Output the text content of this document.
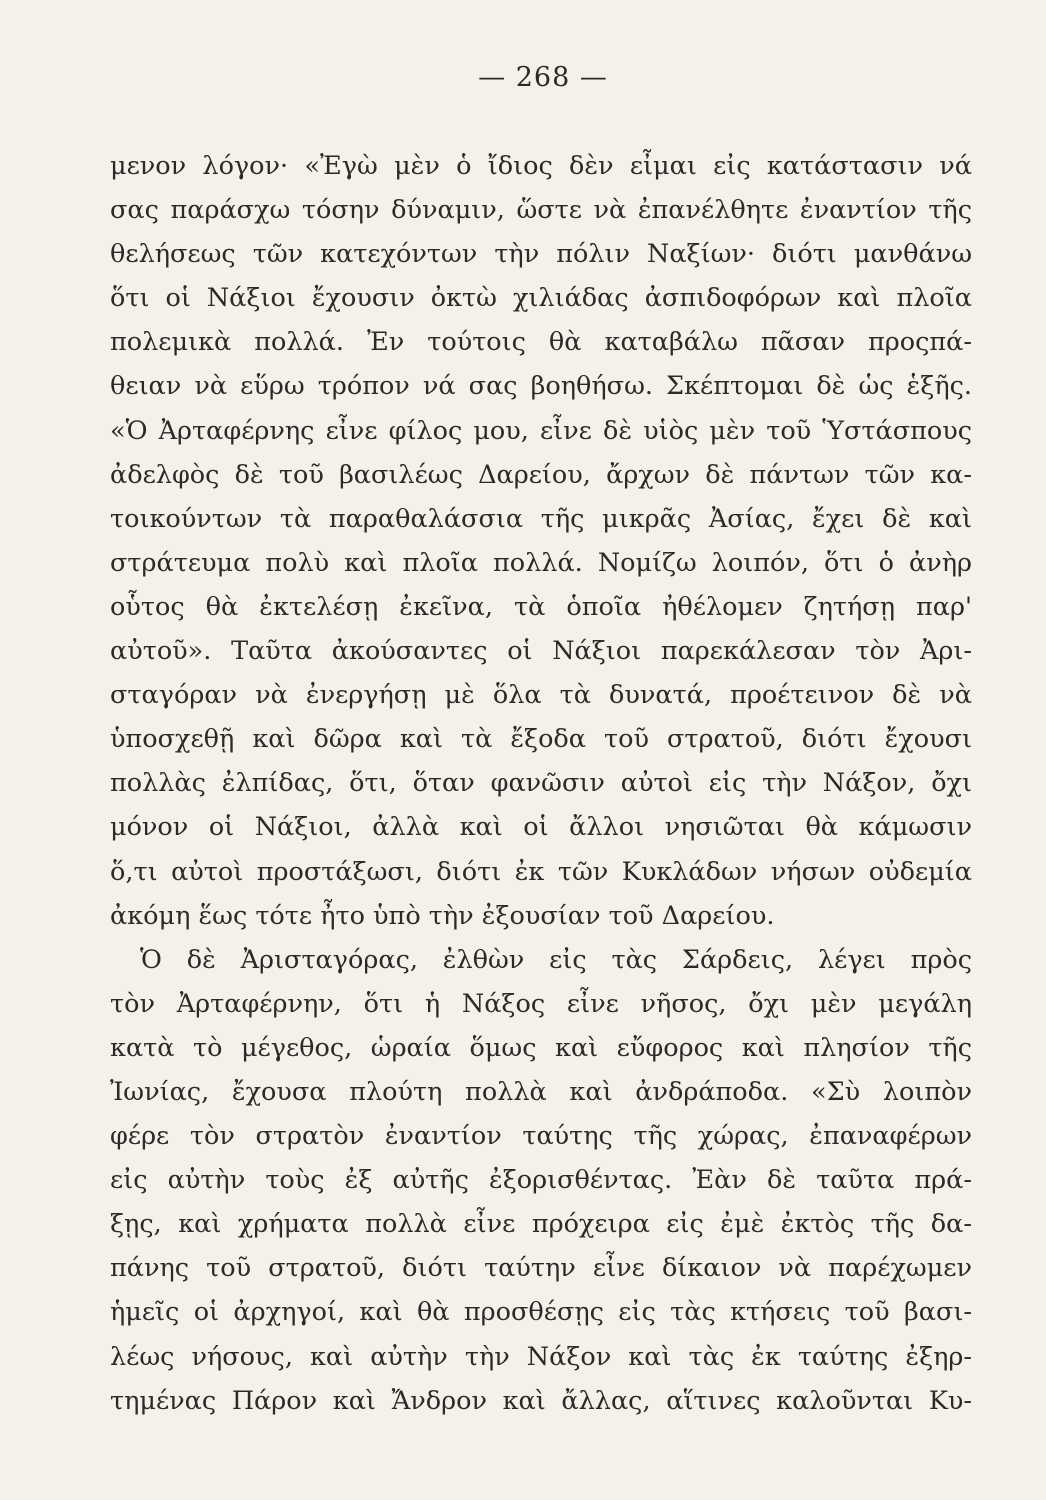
— 268 —
μενον λόγον· «Ἐγὼ μὲν ὁ ἴδιος δὲν εἶμαι εἰς κατάστασιν νά
σας παράσχω τόσην δύναμιν, ὥστε νὰ ἐπανέλθητε ἐναντίον τῆς
θελήσεως τῶν κατεχόντων τὴν πόλιν Ναξίων· διότι μανθάνω
ὅτι οἱ Νάξιοι ἔχουσιν ὀκτὼ χιλιάδας ἀσπιδοφόρων καὶ πλοῖα
πολεμικὰ πολλά. Ἐν τούτοις θὰ καταβάλω πᾶσαν προςπά-
θειαν νὰ εὕρω τρόπον νά σας βοηθήσω. Σκέπτομαι δὲ ὡς ἑξῆς.
«Ὁ Ἀρταφέρνης εἶνε φίλος μου, εἶνε δὲ υἱὸς μὲν τοῦ Ὑστάσπους
ἀδελφὸς δὲ τοῦ βασιλέως Δαρείου, ἄρχων δὲ πάντων τῶν κα-
τοικούντων τὰ παραθαλάσσια τῆς μικρᾶς Ἀσίας, ἔχει δὲ καὶ
στράτευμα πολὺ καὶ πλοῖα πολλά. Νομίζω λοιπόν, ὅτι ὁ ἀνὴρ
οὗτος θὰ ἐκτελέσῃ ἐκεῖνα, τὰ ὁποῖα ἠθέλομεν ζητήσῃ παρ'
αὐτοῦ». Ταῦτα ἀκούσαντες οἱ Νάξιοι παρεκάλεσαν τὸν Ἀρι-
σταγόραν νὰ ἐνεργήσῃ μὲ ὅλα τὰ δυνατά, προέτεινον δὲ νὰ
ὑποσχεθῇ καὶ δῶρα καὶ τὰ ἔξοδα τοῦ στρατοῦ, διότι ἔχουσι
πολλὰς ἐλπίδας, ὅτι, ὅταν φανῶσιν αὐτοὶ εἰς τὴν Νάξον, ὄχι
μόνον οἱ Νάξιοι, ἀλλὰ καὶ οἱ ἄλλοι νησιῶται θὰ κάμωσιν
ὅ,τι αὐτοὶ προστάξωσι, διότι ἐκ τῶν Κυκλάδων νήσων οὐδεμία
ἀκόμη ἕως τότε ἦτο ὑπὸ τὴν ἐξουσίαν τοῦ Δαρείου.
Ὁ δὲ Ἀρισταγόρας, ἐλθὼν εἰς τὰς Σάρδεις, λέγει πρὸς
τὸν Ἀρταφέρνην, ὅτι ἡ Νάξος εἶνε νῆσος, ὄχι μὲν μεγάλη
κατὰ τὸ μέγεθος, ὡραία ὅμως καὶ εὔφορος καὶ πλησίον τῆς
Ἰωνίας, ἔχουσα πλούτη πολλὰ καὶ ἀνδράποδα. «Σὺ λοιπὸν
φέρε τὸν στρατὸν ἐναντίον ταύτης τῆς χώρας, ἐπαναφέρων
εἰς αὐτὴν τοὺς ἐξ αὐτῆς ἐξορισθέντας. Ἐὰν δὲ ταῦτα πρά-
ξῃς, καὶ χρήματα πολλὰ εἶνε πρόχειρα εἰς ἐμὲ ἐκτὸς τῆς δα-
πάνης τοῦ στρατοῦ, διότι ταύτην εἶνε δίκαιον νὰ παρέχωμεν
ἡμεῖς οἱ ἀρχηγοί, καὶ θὰ προσθέσῃς εἰς τὰς κτήσεις τοῦ βασι-
λέως νήσους, καὶ αὐτὴν τὴν Νάξον καὶ τὰς ἐκ ταύτης ἐξηρ-
τημένας Πάρον καὶ Ἄνδρον καὶ ἄλλας, αἵτινες καλοῦνται Κυ-
